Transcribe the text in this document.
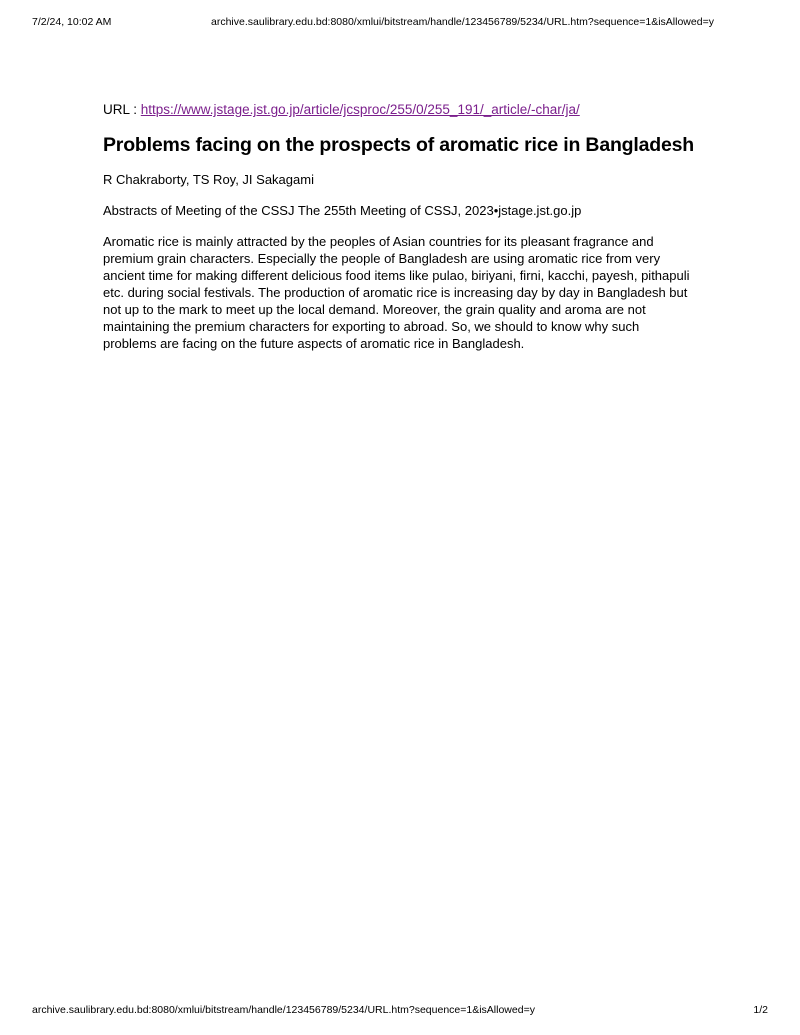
7/2/24, 10:02 AM	archive.saulibrary.edu.bd:8080/xmlui/bitstream/handle/123456789/5234/URL.htm?sequence=1&isAllowed=y

URL : https://www.jstage.jst.go.jp/article/jcsproc/255/0/255_191/_article/-char/ja/

Problems facing on the prospects of aromatic rice in Bangladesh

R Chakraborty, TS Roy, JI Sakagami

Abstracts of Meeting of the CSSJ The 255th Meeting of CSSJ, 2023•jstage.jst.go.jp

Aromatic rice is mainly attracted by the peoples of Asian countries for its pleasant fragrance and premium grain characters. Especially the people of Bangladesh are using aromatic rice from very ancient time for making different delicious food items like pulao, biriyani, firni, kacchi, payesh, pithapuli etc. during social festivals. The production of aromatic rice is increasing day by day in Bangladesh but not up to the mark to meet up the local demand. Moreover, the grain quality and aroma are not maintaining the premium characters for exporting to abroad. So, we should to know why such problems are facing on the future aspects of aromatic rice in Bangladesh.

archive.saulibrary.edu.bd:8080/xmlui/bitstream/handle/123456789/5234/URL.htm?sequence=1&isAllowed=y	1/2
